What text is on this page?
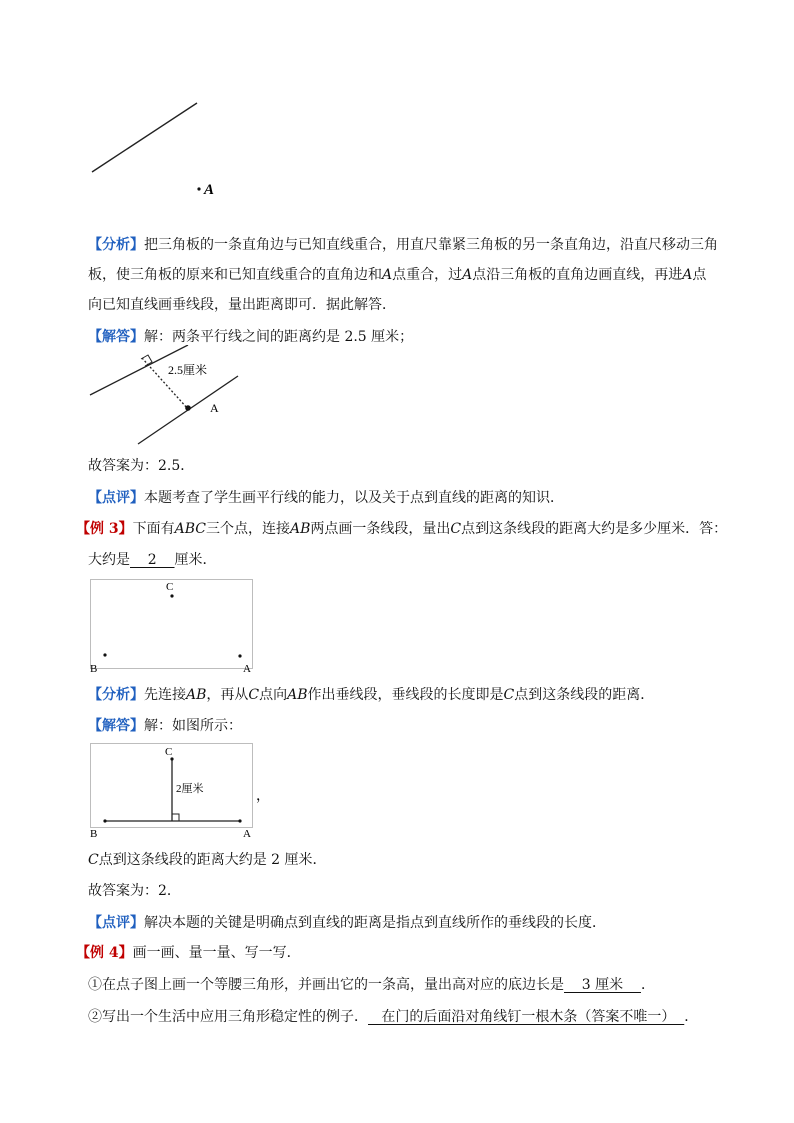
A
【分析】把三角板的一条直角边与已知直线重合，用直尺靠紧三角板的另一条直角边，沿直尺移动三角
板，使三角板的原来和已知直线重合的直角边和A点重合，过A点沿三角板的直角边画直线，再进A点
向已知直线画垂线段，量出距离即可．据此解答．
【解答】解：两条平行线之间的距离约是 2.5 厘米；
2.5厘米
A
故答案为：2.5．
【点评】本题考查了学生画平行线的能力，以及关于点到直线的距离的知识．
【例 3】下面有ABC三个点，连接AB两点画一条线段，量出C点到这条线段的距离大约是多少厘米．答：
大约是    2    厘米．
C
B	A
【分析】先连接AB，再从C点向AB作出垂线段，垂线段的长度即是C点到这条线段的距离．
【解答】解：如图所示：
C
2厘米
B	A
，
C点到这条线段的距离大约是 2 厘米．
故答案为：2．
【点评】解决本题的关键是明确点到直线的距离是指点到直线所作的垂线段的长度．
【例 4】画一画、量一量、写一写．
①在点子图上画一个等腰三角形，并画出它的一条高，量出高对应的底边长是    3 厘米    ．
②写出一个生活中应用三角形稳定性的例子．   在门的后面沿对角线钉一根木条（答案不唯一）  ．
